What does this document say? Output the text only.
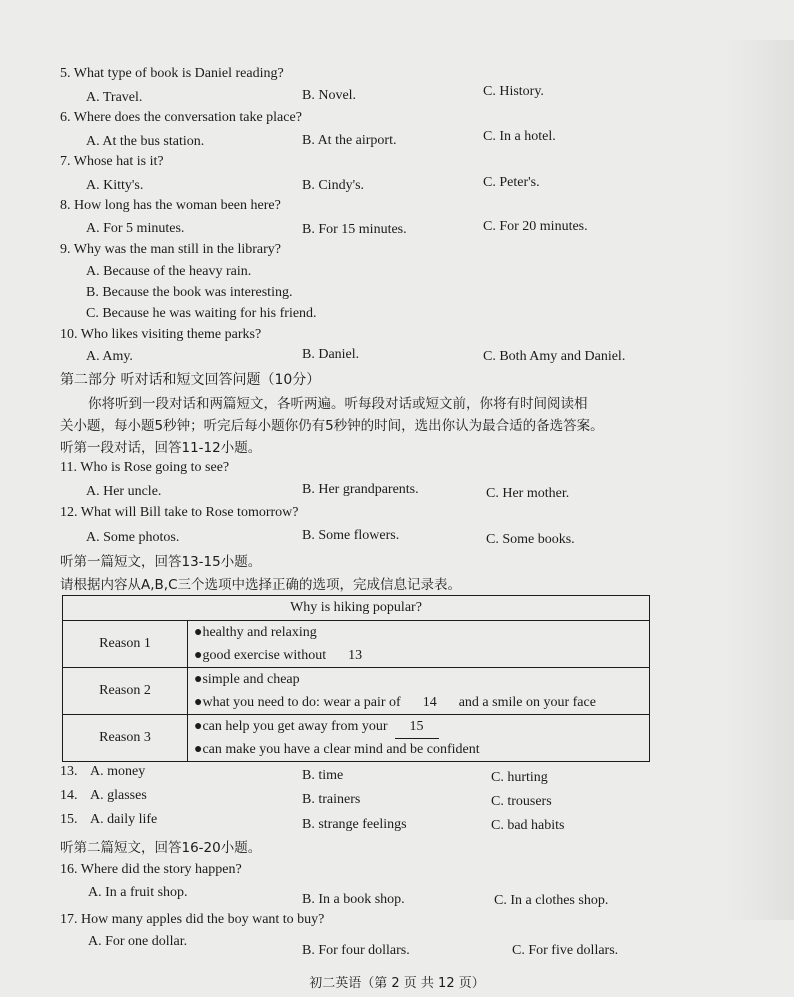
5. What type of book is Daniel reading?
A. Travel.	B. Novel.	C. History.
6. Where does the conversation take place?
A. At the bus station.	B. At the airport.	C. In a hotel.
7. Whose hat is it?
A. Kitty's.	B. Cindy's.	C. Peter's.
8. How long has the woman been here?
A. For 5 minutes.	B. For 15 minutes.	C. For 20 minutes.
9. Why was the man still in the library?
A. Because of the heavy rain.
B. Because the book was interesting.
C. Because he was waiting for his friend.
10. Who likes visiting theme parks?
A. Amy.	B. Daniel.	C. Both Amy and Daniel.
第二部分 听对话和短文回答问题（10分）
你将听到一段对话和两篇短文，各听两遍。听每段对话或短文前，你将有时间阅读相
关小题，每小题5秒钟；听完后每小题你仍有5秒钟的时间，选出你认为最合适的备选答案。
听第一段对话，回答11-12小题。
11. Who is Rose going to see?
A. Her uncle.	B. Her grandparents.	C. Her mother.
12. What will Bill take to Rose tomorrow?
A. Some photos.	B. Some flowers.	C. Some books.
听第一篇短文，回答13-15小题。
请根据内容从A,B,C三个选项中选择正确的选项，完成信息记录表。
Why is hiking popular?	
Reason 1	●healthy and relaxing
●good exercise without 13

Reason 2	●simple and cheap
●what you need to do: wear a pair of 14 and a smile on your face

Reason 3	●can help you get away from your 15
●can make you have a clear mind and be confident
13. A. money	B. time	C. hurting
14. A. glasses	B. trainers	C. trousers
15. A. daily life	B. strange feelings	C. bad habits
听第二篇短文，回答16-20小题。
16. Where did the story happen?
A. In a fruit shop.	B. In a book shop.	C. In a clothes shop.
17. How many apples did the boy want to buy?
A. For one dollar.
B. For four dollars.	C. For five dollars.
初二英语（第 2 页 共 12 页）
